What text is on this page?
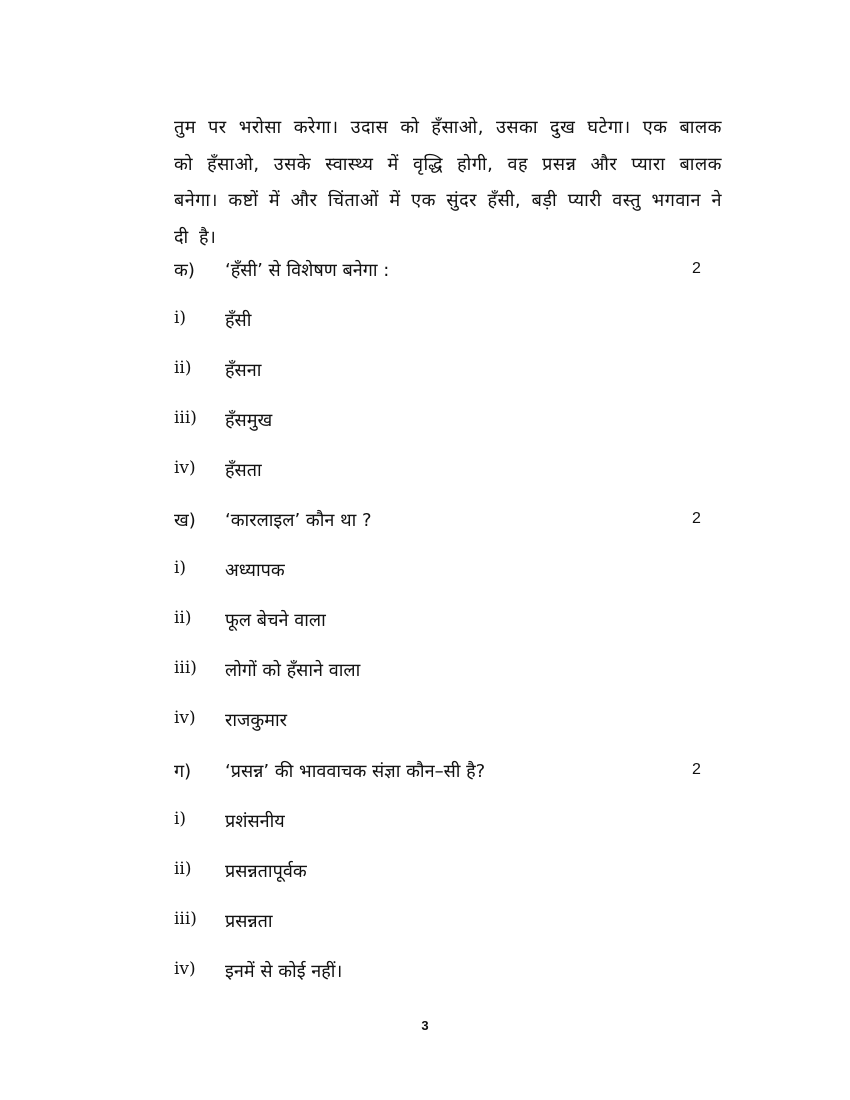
तुम पर भरोसा करेगा। उदास को हँसाओ, उसका दुख घटेगा। एक बालक को हँसाओ, उसके स्वास्थ्य में वृद्धि होगी, वह प्रसन्न और प्यारा बालक बनेगा। कष्टों में और चिंताओं में एक सुंदर हँसी, बड़ी प्यारी वस्तु भगवान ने दी है।

क) ‘हँसी’ से विशेषण बनेगा :	2
i) हँसी
ii) हँसना
iii) हँसमुख
iv) हँसता
ख) ‘कारलाइल’ कौन था ?	2
i) अध्यापक
ii) फूल बेचने वाला
iii) लोगों को हँसाने वाला
iv) राजकुमार
ग) ‘प्रसन्न’ की भाववाचक संज्ञा कौन–सी है?	2
i) प्रशंसनीय
ii) प्रसन्नतापूर्वक
iii) प्रसन्नता
iv) इनमें से कोई नहीं।
3
